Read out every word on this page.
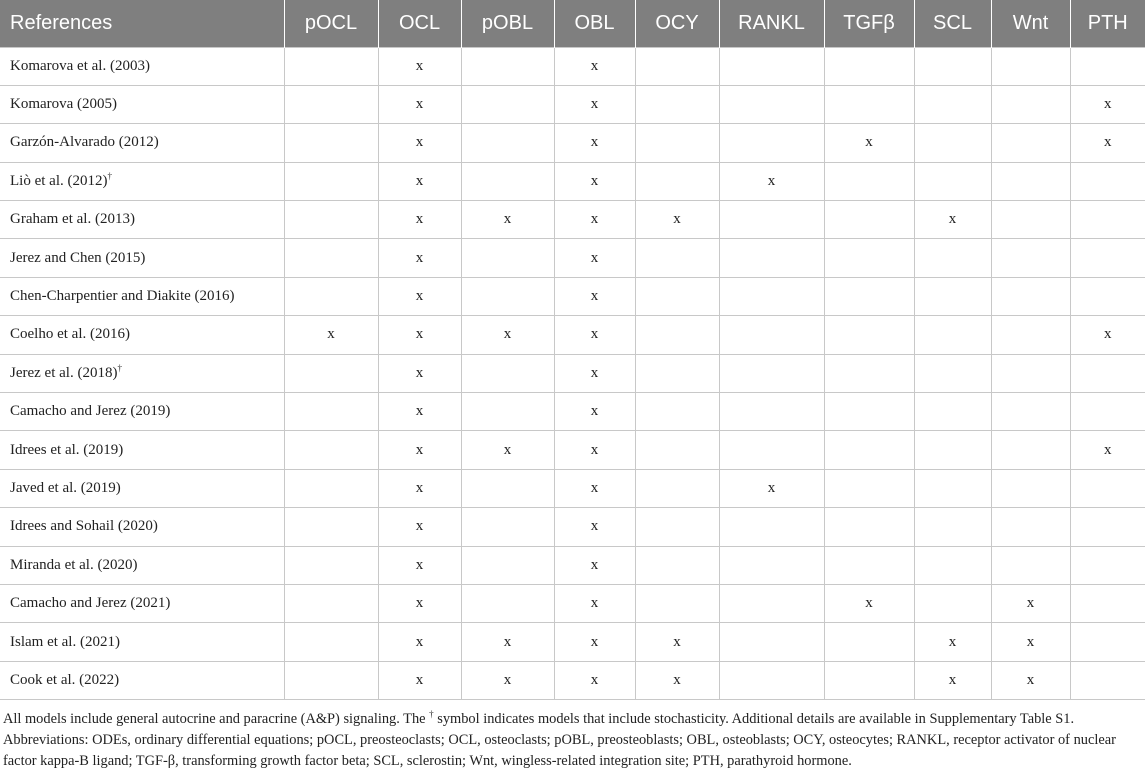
References	pOCL	OCL	pOBL	OBL	OCY	RANKL	TGFβ	SCL	Wnt	PTH
Komarova et al. (2003)		x		x						
Komarova (2005)		x		x						x
Garzón-Alvarado (2012)		x		x			x			x
Liò et al. (2012)†		x		x		x				
Graham et al. (2013)		x	x	x	x			x		
Jerez and Chen (2015)		x		x						
Chen-Charpentier and Diakite (2016)		x		x						
Coelho et al. (2016)	x	x	x	x						x
Jerez et al. (2018)†		x		x						
Camacho and Jerez (2019)		x		x						
Idrees et al. (2019)		x	x	x						x
Javed et al. (2019)		x		x		x				
Idrees and Sohail (2020)		x		x						
Miranda et al. (2020)		x		x						
Camacho and Jerez (2021)		x		x			x		x	
Islam et al. (2021)		x	x	x	x			x	x	
Cook et al. (2022)		x	x	x	x			x	x	
All models include general autocrine and paracrine (A&P) signaling. The † symbol indicates models that include stochasticity. Additional details are available in Supplementary Table S1. Abbreviations: ODEs, ordinary differential equations; pOCL, preosteoclasts; OCL, osteoclasts; pOBL, preosteoblasts; OBL, osteoblasts; OCY, osteocytes; RANKL, receptor activator of nuclear factor kappa-B ligand; TGF-β, transforming growth factor beta; SCL, sclerostin; Wnt, wingless-related integration site; PTH, parathyroid hormone.
